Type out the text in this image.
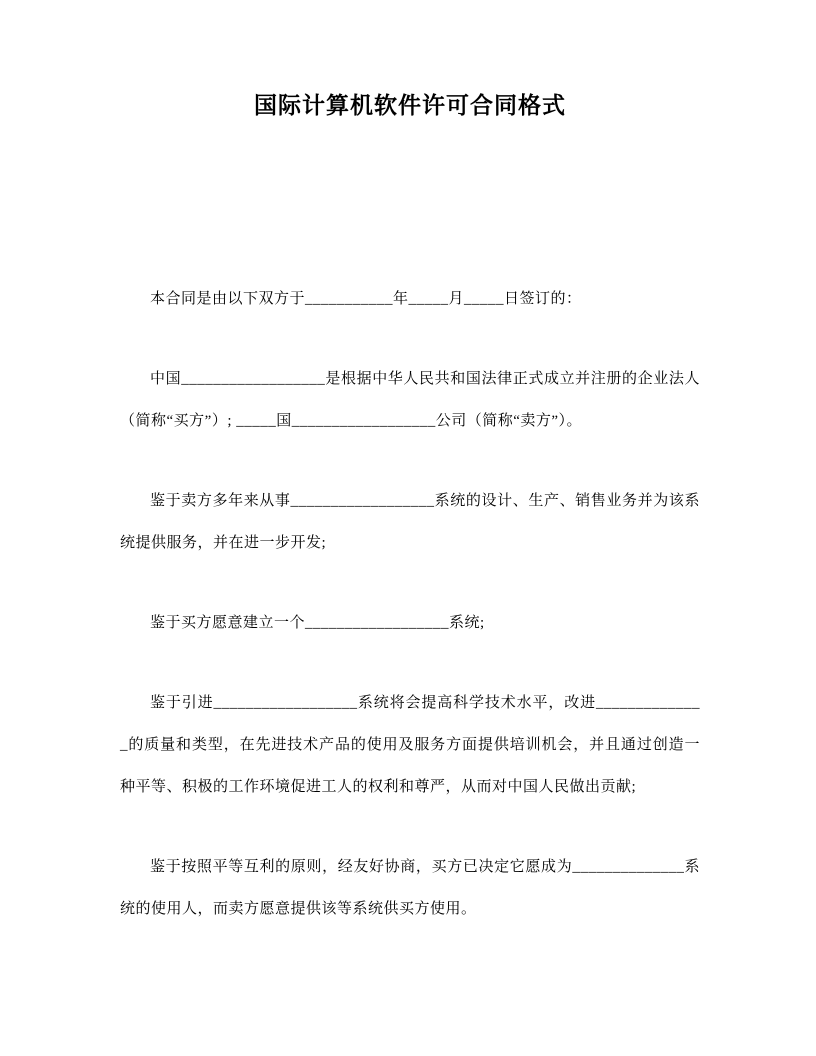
国际计算机软件许可合同格式

本合同是由以下双方于___________年_____月_____日签订的：

中国__________________是根据中华人民共和国法律正式成立并注册的企业法人（简称“买方”）; _____国__________________公司（简称“卖方”）。

鉴于卖方多年来从事__________________系统的设计、生产、销售业务并为该系统提供服务，并在进一步开发;

鉴于买方愿意建立一个__________________系统;

鉴于引进__________________系统将会提高科学技术水平，改进______________的质量和类型，在先进技术产品的使用及服务方面提供培训机会，并且通过创造一种平等、积极的工作环境促进工人的权利和尊严，从而对中国人民做出贡献;

鉴于按照平等互利的原则，经友好协商，买方已决定它愿成为______________系统的使用人，而卖方愿意提供该等系统供买方使用。
